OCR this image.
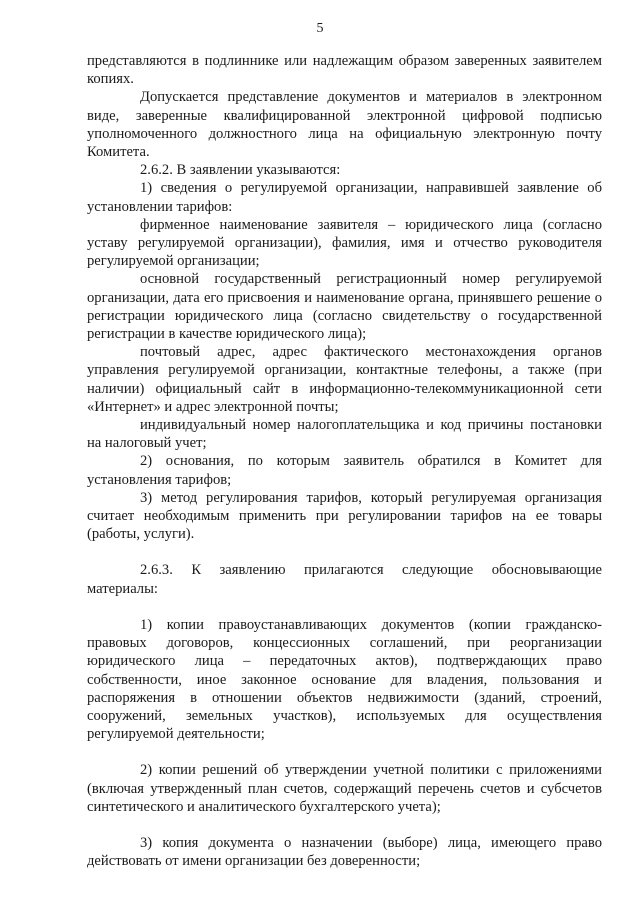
5

представляются в подлиннике или надлежащим образом заверенных заявителем копиях.

Допускается представление документов и материалов в электронном виде, заверенные квалифицированной электронной цифровой подписью уполномоченного должностного лица на официальную электронную почту Комитета.

2.6.2. В заявлении указываются:

1) сведения о регулируемой организации, направившей заявление об установлении тарифов:

фирменное наименование заявителя – юридического лица (согласно уставу регулируемой организации), фамилия, имя и отчество руководителя регулируемой организации;

основной государственный регистрационный номер регулируемой организации, дата его присвоения и наименование органа, принявшего решение о регистрации юридического лица (согласно свидетельству о государственной регистрации в качестве юридического лица);

почтовый адрес, адрес фактического местонахождения органов управления регулируемой организации, контактные телефоны, а также (при наличии) официальный сайт в информационно-телекоммуникационной сети «Интернет» и адрес электронной почты;

индивидуальный номер налогоплательщика и код причины постановки на налоговый учет;

2) основания, по которым заявитель обратился в Комитет для установления тарифов;

3) метод регулирования тарифов, который регулируемая организация считает необходимым применить при регулировании тарифов на ее товары (работы, услуги).

2.6.3. К заявлению прилагаются следующие обосновывающие материалы:

1) копии правоустанавливающих документов (копии гражданско-правовых договоров, концессионных соглашений, при реорганизации юридического лица – передаточных актов), подтверждающих право собственности, иное законное основание для владения, пользования и распоряжения в отношении объектов недвижимости (зданий, строений, сооружений, земельных участков), используемых для осуществления регулируемой деятельности;

2) копии решений об утверждении учетной политики с приложениями (включая утвержденный план счетов, содержащий перечень счетов и субсчетов синтетического и аналитического бухгалтерского учета);

3) копия документа о назначении (выборе) лица, имеющего право действовать от имени организации без доверенности;
